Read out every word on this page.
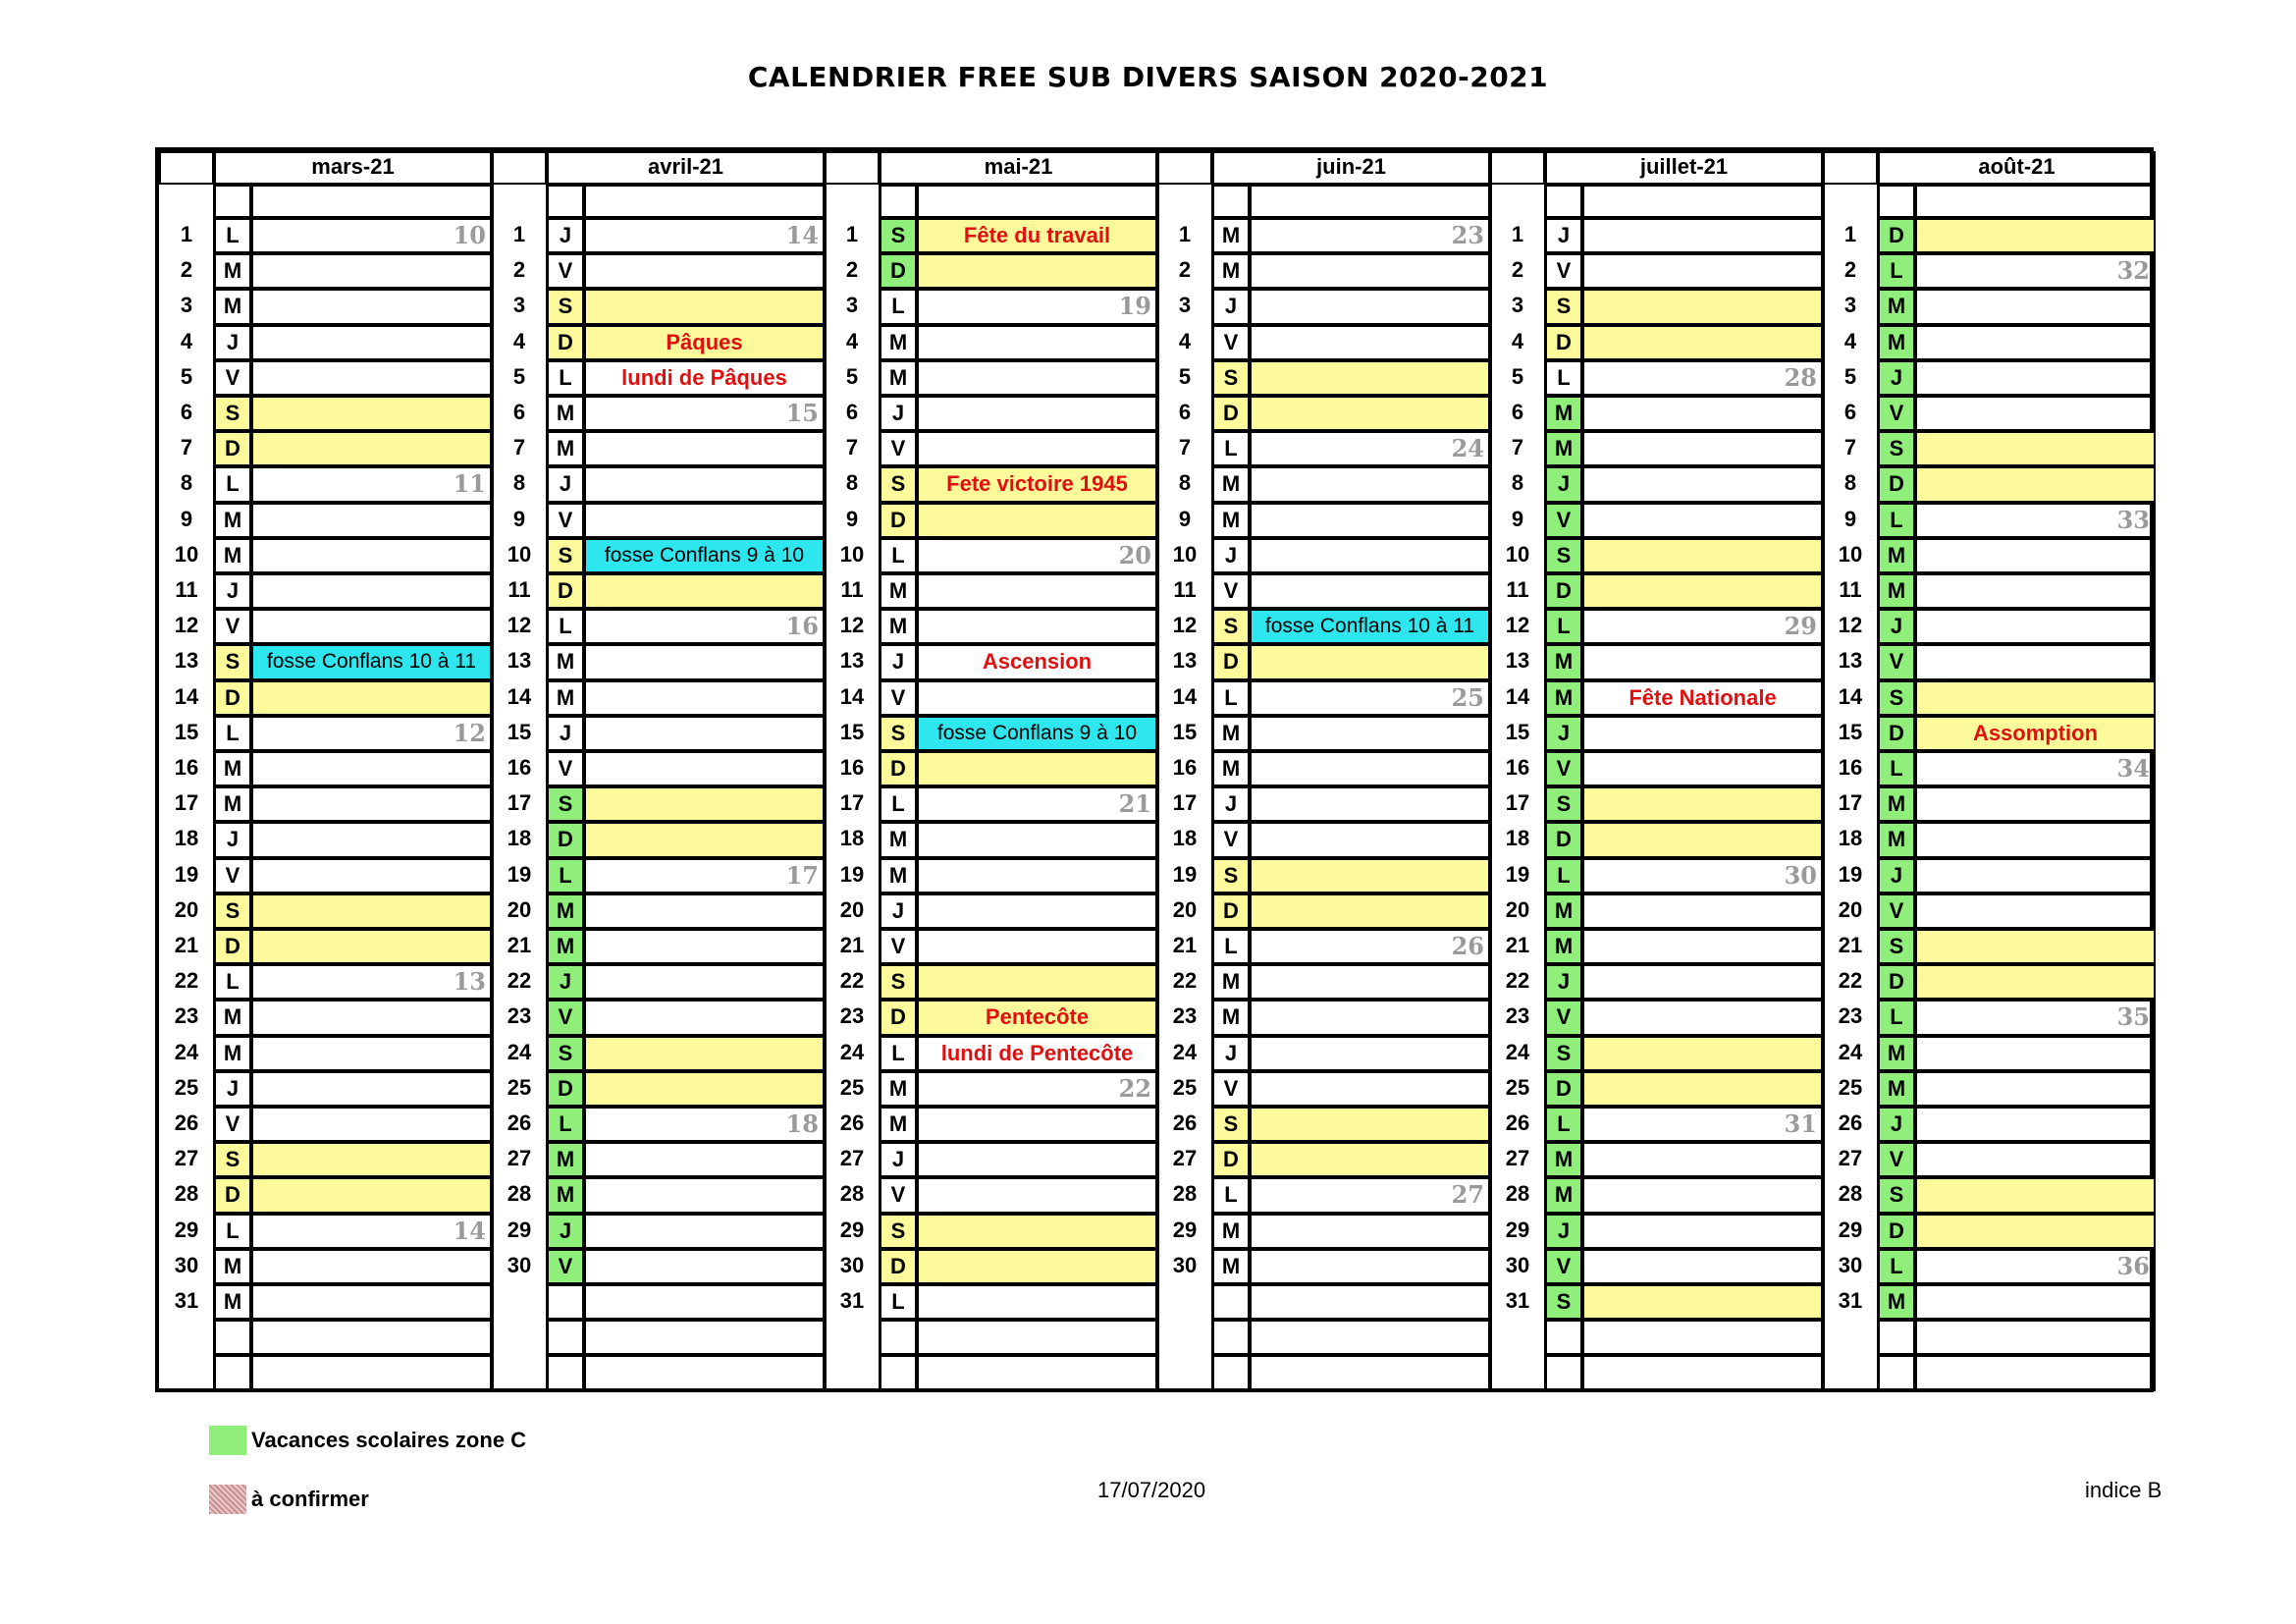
CALENDRIER FREE SUB DIVERS SAISON 2020-2021
mars-21
1	L	10
2	M
3	M
4	J
5	V
6	S
7	D
8	L	11
9	M
10	M
11	J
12	V
13	S	fosse Conflans 10 à 11
14	D
15	L	12
16	M
17	M
18	J
19	V
20	S
21	D
22	L	13
23	M
24	M
25	J
26	V
27	S
28	D
29	L	14
30	M
31	M
avril-21
1	J	14
2	V
3	S
4	D	Pâques
5	L	lundi de Pâques
6	M	15
7	M
8	J
9	V
10	S	fosse Conflans 9 à 10
11	D
12	L	16
13	M
14	M
15	J
16	V
17	S
18	D
19	L	17
20	M
21	M
22	J
23	V
24	S
25	D
26	L	18
27	M
28	M
29	J
30	V
mai-21
1	S	Fête du travail
2	D
3	L	19
4	M
5	M
6	J
7	V
8	S	Fete victoire 1945
9	D
10	L	20
11	M
12	M
13	J	Ascension
14	V
15	S	fosse Conflans 9 à 10
16	D
17	L	21
18	M
19	M
20	J
21	V
22	S
23	D	Pentecôte
24	L	lundi de Pentecôte
25	M	22
26	M
27	J
28	V
29	S
30	D
31	L
juin-21
1	M	23
2	M
3	J
4	V
5	S
6	D
7	L	24
8	M
9	M
10	J
11	V
12	S	fosse Conflans 10 à 11
13	D
14	L	25
15	M
16	M
17	J
18	V
19	S
20	D
21	L	26
22	M
23	M
24	J
25	V
26	S
27	D
28	L	27
29	M
30	M
juillet-21
1	J
2	V
3	S
4	D
5	L	28
6	M
7	M
8	J
9	V
10	S
11	D
12	L	29
13	M
14	M	Fête Nationale
15	J
16	V
17	S
18	D
19	L	30
20	M
21	M
22	J
23	V
24	S
25	D
26	L	31
27	M
28	M
29	J
30	V
31	S
août-21
1	D
2	L	32
3	M
4	M
5	J
6	V
7	S
8	D
9	L	33
10	M
11	M
12	J
13	V
14	S
15	D	Assomption
16	L	34
17	M
18	M
19	J
20	V
21	S
22	D
23	L	35
24	M
25	M
26	J
27	V
28	S
29	D
30	L	36
31	M
Vacances scolaires zone C
à confirmer	17/07/2020	indice B
